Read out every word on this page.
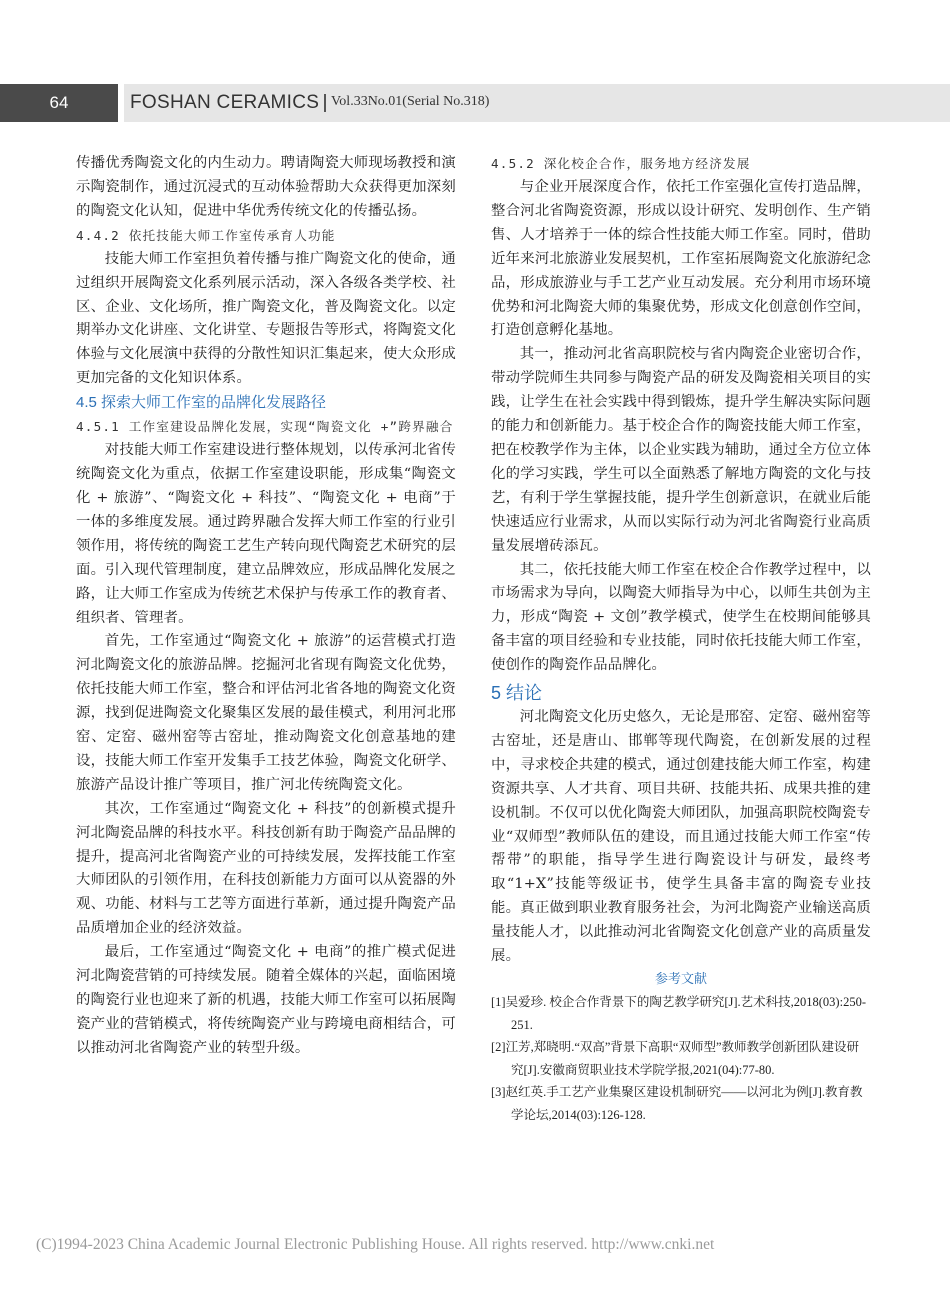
64	FOSHAN CERAMICS Vol.33No.01(Serial No.318)

传播优秀陶瓷文化的内生动力。聘请陶瓷大师现场教授和演示陶瓷制作，通过沉浸式的互动体验帮助大众获得更加深刻的陶瓷文化认知，促进中华优秀传统文化的传播弘扬。

4.4.2 依托技能大师工作室传承育人功能

技能大师工作室担负着传播与推广陶瓷文化的使命，通过组织开展陶瓷文化系列展示活动，深入各级各类学校、社区、企业、文化场所，推广陶瓷文化，普及陶瓷文化。以定期举办文化讲座、文化讲堂、专题报告等形式，将陶瓷文化体验与文化展演中获得的分散性知识汇集起来，使大众形成更加完备的文化知识体系。

4.5 探索大师工作室的品牌化发展路径

4.5.1 工作室建设品牌化发展，实现“陶瓷文化 +”跨界融合

对技能大师工作室建设进行整体规划，以传承河北省传统陶瓷文化为重点，依据工作室建设职能，形成集“陶瓷文化 + 旅游”、“陶瓷文化 + 科技”、“陶瓷文化 + 电商”于一体的多维度发展。通过跨界融合发挥大师工作室的行业引领作用，将传统的陶瓷工艺生产转向现代陶瓷艺术研究的层面。引入现代管理制度，建立品牌效应，形成品牌化发展之路，让大师工作室成为传统艺术保护与传承工作的教育者、组织者、管理者。

首先，工作室通过“陶瓷文化 + 旅游”的运营模式打造河北陶瓷文化的旅游品牌。挖掘河北省现有陶瓷文化优势，依托技能大师工作室，整合和评估河北省各地的陶瓷文化资源，找到促进陶瓷文化聚集区发展的最佳模式，利用河北邢窑、定窑、磁州窑等古窑址，推动陶瓷文化创意基地的建设，技能大师工作室开发集手工技艺体验，陶瓷文化研学、旅游产品设计推广等项目，推广河北传统陶瓷文化。

其次，工作室通过“陶瓷文化 + 科技”的创新模式提升河北陶瓷品牌的科技水平。科技创新有助于陶瓷产品品牌的提升，提高河北省陶瓷产业的可持续发展，发挥技能工作室大师团队的引领作用，在科技创新能力方面可以从瓷器的外观、功能、材料与工艺等方面进行革新，通过提升陶瓷产品品质增加企业的经济效益。

最后，工作室通过“陶瓷文化 + 电商”的推广模式促进河北陶瓷营销的可持续发展。随着全媒体的兴起，面临困境的陶瓷行业也迎来了新的机遇，技能大师工作室可以拓展陶瓷产业的营销模式，将传统陶瓷产业与跨境电商相结合，可以推动河北省陶瓷产业的转型升级。

4.5.2 深化校企合作，服务地方经济发展

与企业开展深度合作，依托工作室强化宣传打造品牌，整合河北省陶瓷资源，形成以设计研究、发明创作、生产销售、人才培养于一体的综合性技能大师工作室。同时，借助近年来河北旅游业发展契机，工作室拓展陶瓷文化旅游纪念品，形成旅游业与手工艺产业互动发展。充分利用市场环境优势和河北陶瓷大师的集聚优势，形成文化创意创作空间，打造创意孵化基地。

其一，推动河北省高职院校与省内陶瓷企业密切合作，带动学院师生共同参与陶瓷产品的研发及陶瓷相关项目的实践，让学生在社会实践中得到锻炼，提升学生解决实际问题的能力和创新能力。基于校企合作的陶瓷技能大师工作室，把在校教学作为主体，以企业实践为辅助，通过全方位立体化的学习实践，学生可以全面熟悉了解地方陶瓷的文化与技艺，有利于学生掌握技能，提升学生创新意识，在就业后能快速适应行业需求，从而以实际行动为河北省陶瓷行业高质量发展增砖添瓦。

其二，依托技能大师工作室在校企合作教学过程中，以市场需求为导向，以陶瓷大师指导为中心，以师生共创为主力，形成“陶瓷 + 文创”教学模式，使学生在校期间能够具备丰富的项目经验和专业技能，同时依托技能大师工作室，使创作的陶瓷作品品牌化。

5 结论

河北陶瓷文化历史悠久，无论是邢窑、定窑、磁州窑等古窑址，还是唐山、邯郸等现代陶瓷，在创新发展的过程中，寻求校企共建的模式，通过创建技能大师工作室，构建资源共享、人才共育、项目共研、技能共拓、成果共推的建设机制。不仅可以优化陶瓷大师团队，加强高职院校陶瓷专业“双师型”教师队伍的建设，而且通过技能大师工作室“传帮带”的职能，指导学生进行陶瓷设计与研发，最终考取“1+X”技能等级证书，使学生具备丰富的陶瓷专业技能。真正做到职业教育服务社会，为河北陶瓷产业输送高质量技能人才，以此推动河北省陶瓷文化创意产业的高质量发展。

参考文献

[1]吴爱珍. 校企合作背景下的陶艺教学研究[J].艺术科技,2018(03):250-251.

[2]江芳,郑晓明.“双高”背景下高职“双师型”教师教学创新团队建设研究[J].安徽商贸职业技术学院学报,2021(04):77-80.

[3]赵红英.手工艺产业集聚区建设机制研究——以河北为例[J].教育教学论坛,2014(03):126-128.

(C)1994-2023 China Academic Journal Electronic Publishing House. All rights reserved. http://www.cnki.net
